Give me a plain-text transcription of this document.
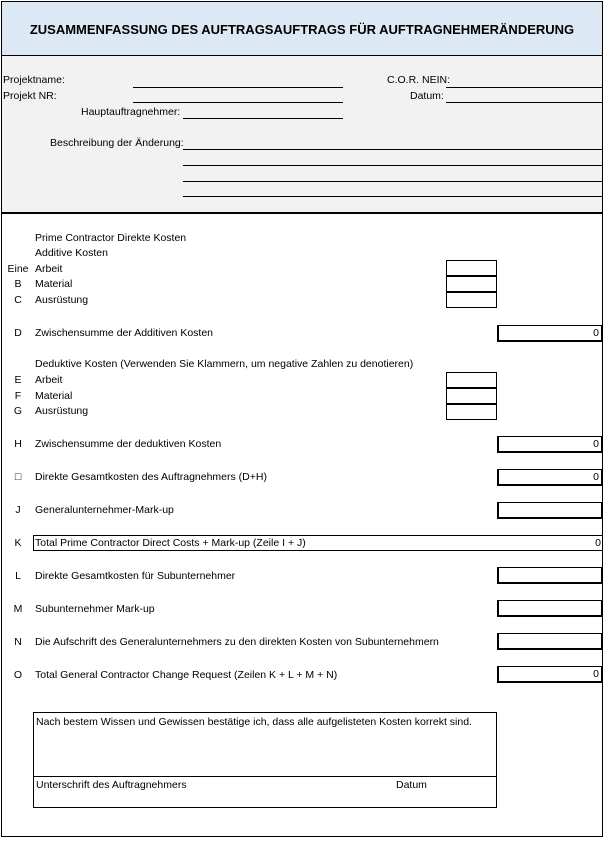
ZUSAMMENFASSUNG DES AUFTRAGSAUFTRAGS FÜR AUFTRAGNEHMERÄNDERUNG
Projektname:
Projekt NR:
Hauptauftragnehmer:
C.O.R. NEIN:
Datum:
Beschreibung der Änderung:
Prime Contractor Direkte Kosten
Additive Kosten
Eine Arbeit
B	Material
C	Ausrüstung
D	Zwischensumme der Additiven Kosten	0
Deduktive Kosten (Verwenden Sie Klammern, um negative Zahlen zu denotieren)
E	Arbeit
F	Material
G	Ausrüstung
H	Zwischensumme der deduktiven Kosten	0
□	Direkte Gesamtkosten des Auftragnehmers (D+H)	0
J	Generalunternehmer-Mark-up
K	Total Prime Contractor Direct Costs + Mark-up (Zeile I + J)	0
L	Direkte Gesamtkosten für Subunternehmer
M	Subunternehmer Mark-up
N	Die Aufschrift des Generalunternehmers zu den direkten Kosten von Subunternehmern
O	Total General Contractor Change Request (Zeilen K + L + M + N)	0
Nach bestem Wissen und Gewissen bestätige ich, dass alle aufgelisteten Kosten korrekt sind.
Unterschrift des Auftragnehmers	Datum
